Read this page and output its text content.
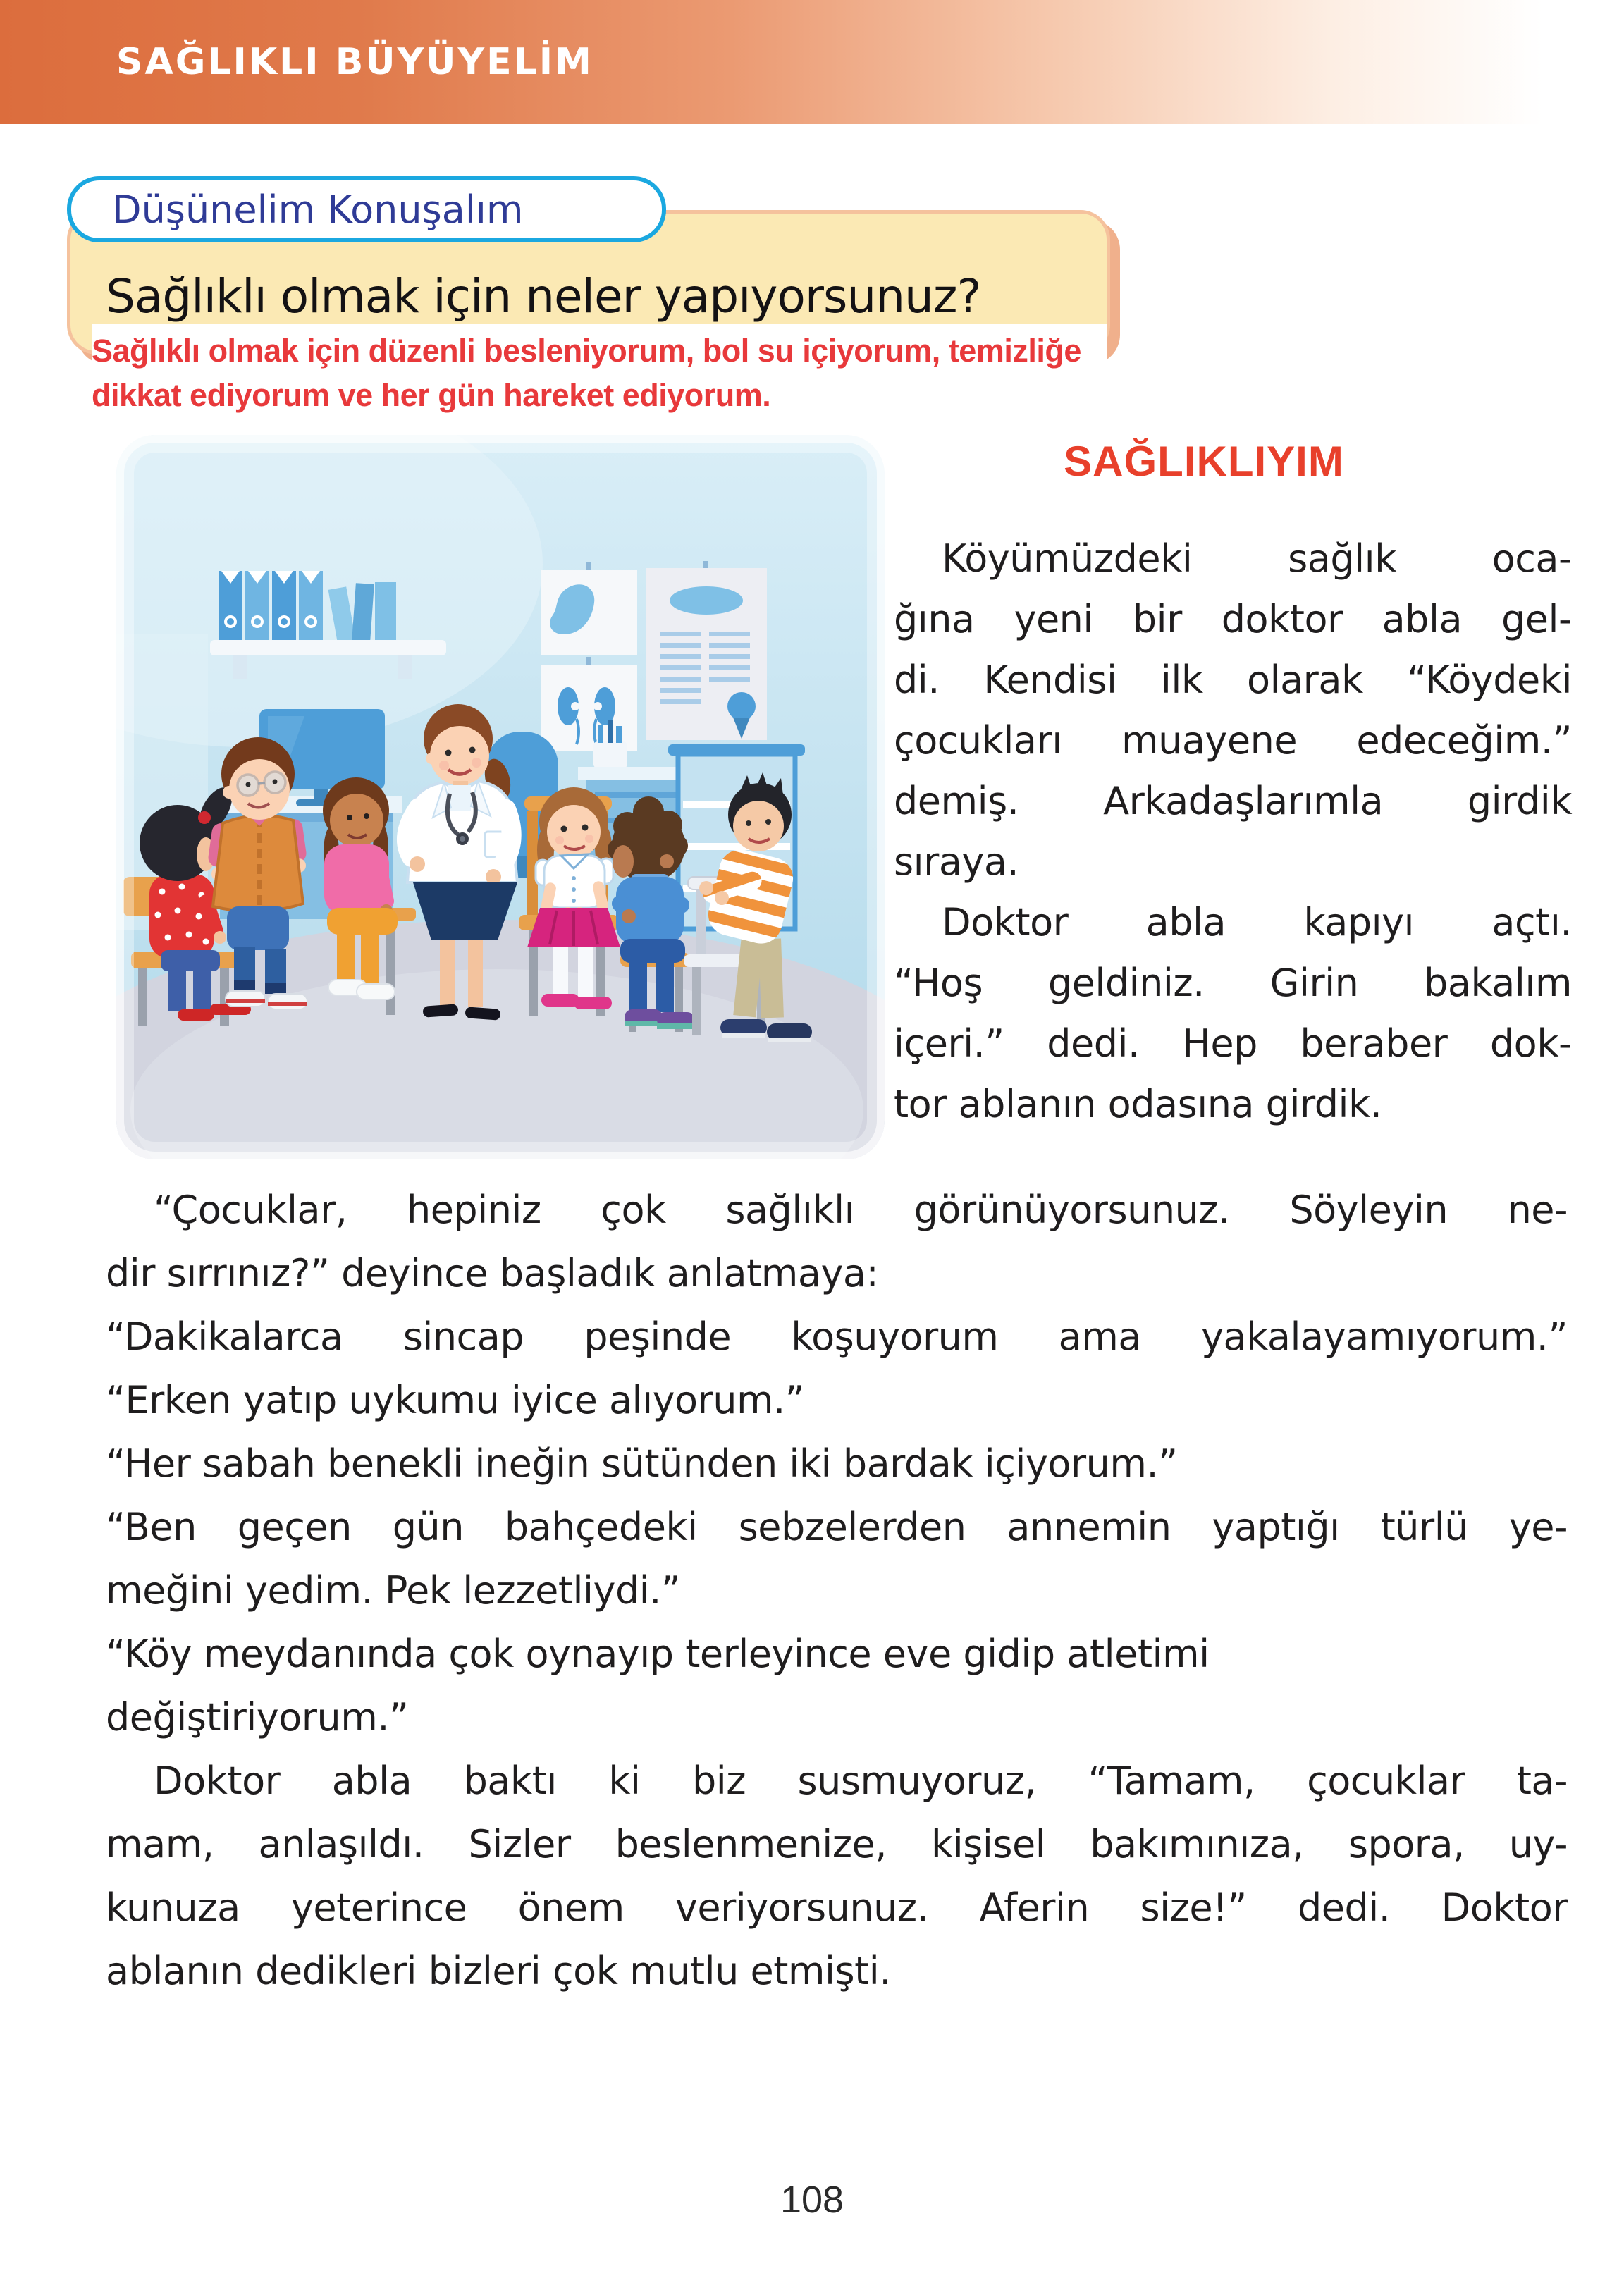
SAĞLIKLI BÜYÜYELİM
Düşünelim Konuşalım

Sağlıklı olmak için neler yapıyorsunuz?

Sağlıklı olmak için düzenli besleniyorum, bol su içiyorum, temizliğe
dikkat ediyorum ve her gün hareket ediyorum.
SAĞLIKLIYIM
Köyümüzdeki	sağlık	oca-
ğına yeni bir doktor abla gel-
di. Kendisi ilk olarak “Köydeki
çocukları muayene edeceğim.”
demiş. Arkadaşlarımla girdik
sıraya.
Doktor abla kapıyı açtı.
“Hoş geldiniz. Girin bakalım
içeri.” dedi. Hep beraber dok-
tor ablanın odasına girdik.
“Çocuklar, hepiniz çok sağlıklı görünüyorsunuz. Söyleyin ne-
dir sırrınız?” deyince başladık anlatmaya:
“Dakikalarca sincap peşinde koşuyorum ama yakalayamıyorum.”
“Erken yatıp uykumu iyice alıyorum.”
“Her sabah benekli ineğin sütünden iki bardak içiyorum.”
“Ben geçen gün bahçedeki sebzelerden annemin yaptığı türlü ye-
meğini yedim. Pek lezzetliydi.”
“Köy meydanında çok oynayıp terleyince eve gidip atletimi
değiştiriyorum.”
Doktor abla baktı ki biz susmuyoruz, “Tamam, çocuklar ta-
mam, anlaşıldı. Sizler beslenmenize, kişisel bakımınıza, spora, uy-
kunuza yeterince önem veriyorsunuz. Aferin size!” dedi. Doktor
ablanın dedikleri bizleri çok mutlu etmişti.
108
